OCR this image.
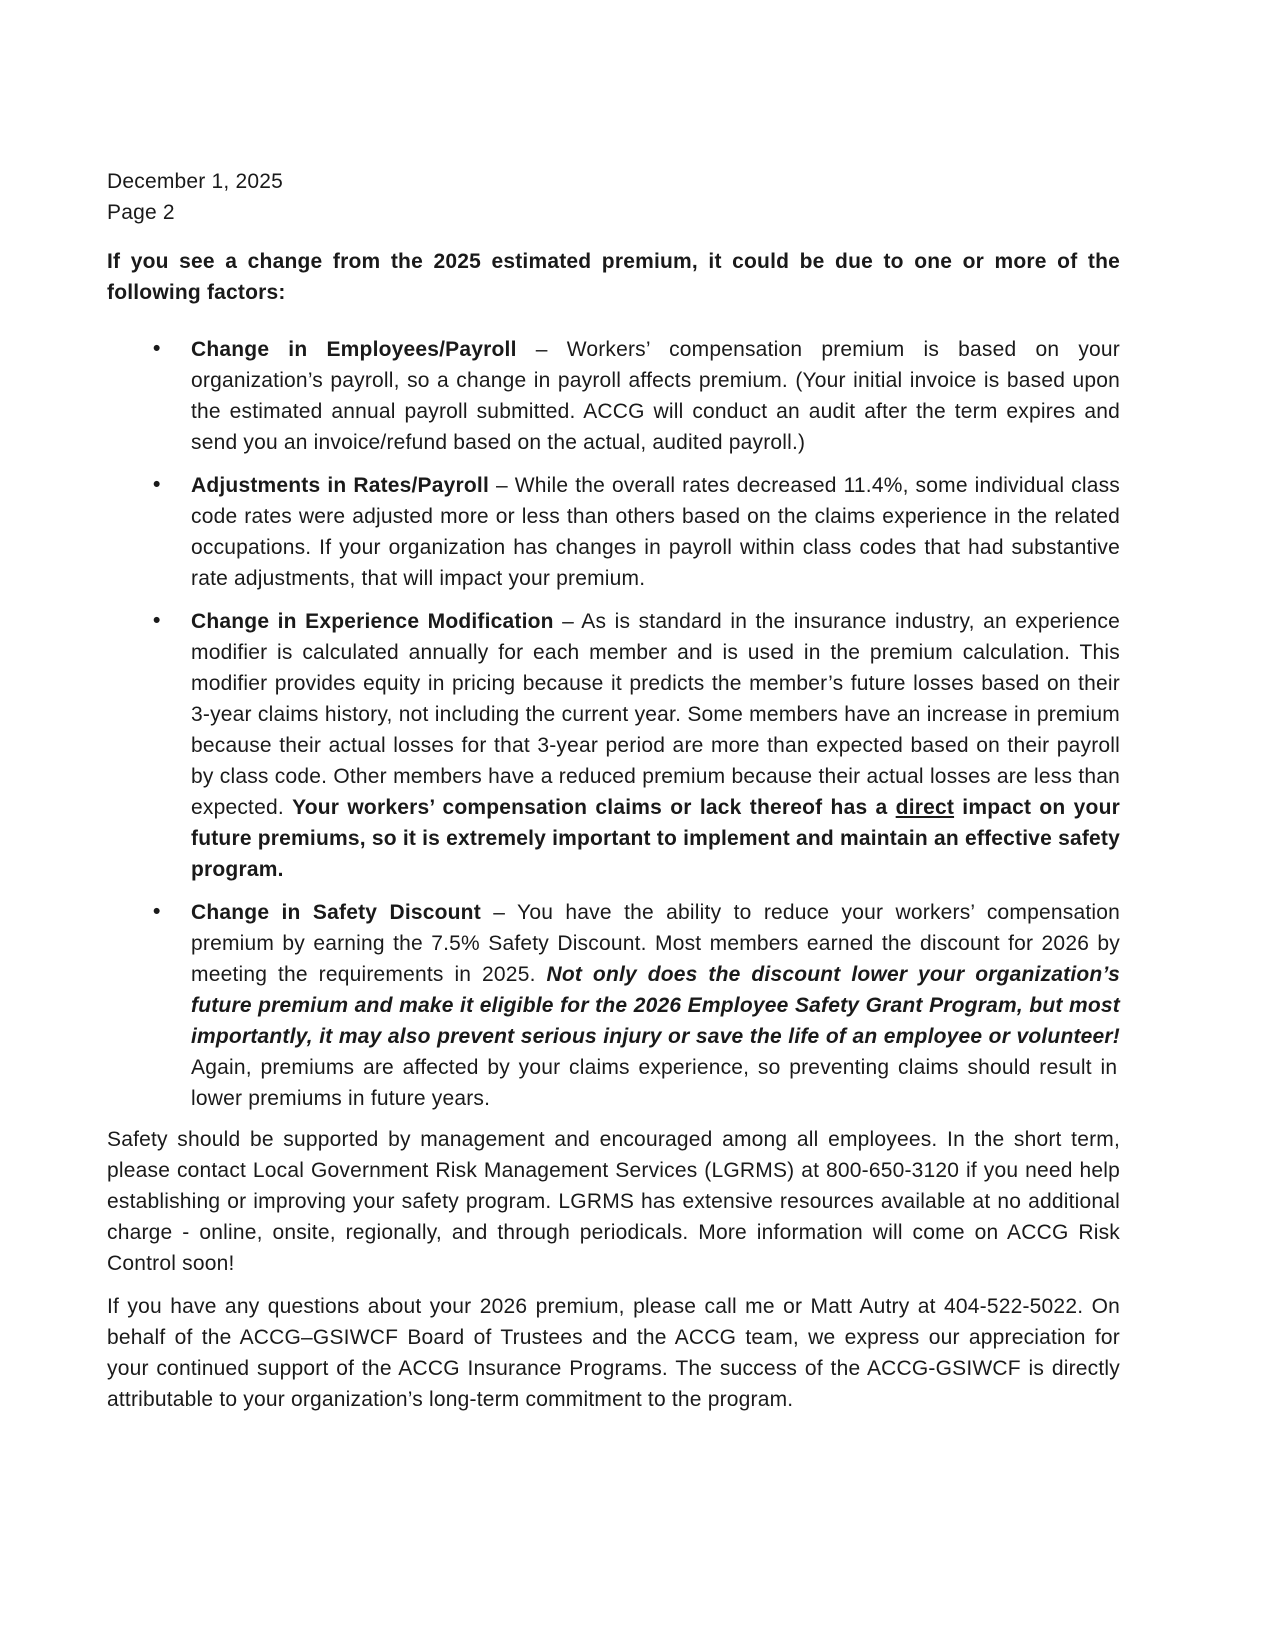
December 1, 2025

Page 2

If you see a change from the 2025 estimated premium, it could be due to one or more of the following factors:

• Change in Employees/Payroll – Workers’ compensation premium is based on your organization’s payroll, so a change in payroll affects premium. (Your initial invoice is based upon the estimated annual payroll submitted. ACCG will conduct an audit after the term expires and send you an invoice/refund based on the actual, audited payroll.)
• Adjustments in Rates/Payroll – While the overall rates decreased 11.4%, some individual class code rates were adjusted more or less than others based on the claims experience in the related occupations. If your organization has changes in payroll within class codes that had substantive rate adjustments, that will impact your premium.
• Change in Experience Modification – As is standard in the insurance industry, an experience modifier is calculated annually for each member and is used in the premium calculation. This modifier provides equity in pricing because it predicts the member’s future losses based on their 3-year claims history, not including the current year. Some members have an increase in premium because their actual losses for that 3-year period are more than expected based on their payroll by class code. Other members have a reduced premium because their actual losses are less than expected. Your workers’ compensation claims or lack thereof has a direct impact on your future premiums, so it is extremely important to implement and maintain an effective safety program.
• Change in Safety Discount – You have the ability to reduce your workers’ compensation premium by earning the 7.5% Safety Discount. Most members earned the discount for 2026 by meeting the requirements in 2025. Not only does the discount lower your organization’s future premium and make it eligible for the 2026 Employee Safety Grant Program, but most importantly, it may also prevent serious injury or save the life of an employee or volunteer! Again, premiums are affected by your claims experience, so preventing claims should result in lower premiums in future years.

Safety should be supported by management and encouraged among all employees. In the short term, please contact Local Government Risk Management Services (LGRMS) at 800-650-3120 if you need help establishing or improving your safety program. LGRMS has extensive resources available at no additional charge - online, onsite, regionally, and through periodicals. More information will come on ACCG Risk Control soon!

If you have any questions about your 2026 premium, please call me or Matt Autry at 404-522-5022. On behalf of the ACCG–GSIWCF Board of Trustees and the ACCG team, we express our appreciation for your continued support of the ACCG Insurance Programs. The success of the ACCG-GSIWCF is directly attributable to your organization’s long-term commitment to the program.
